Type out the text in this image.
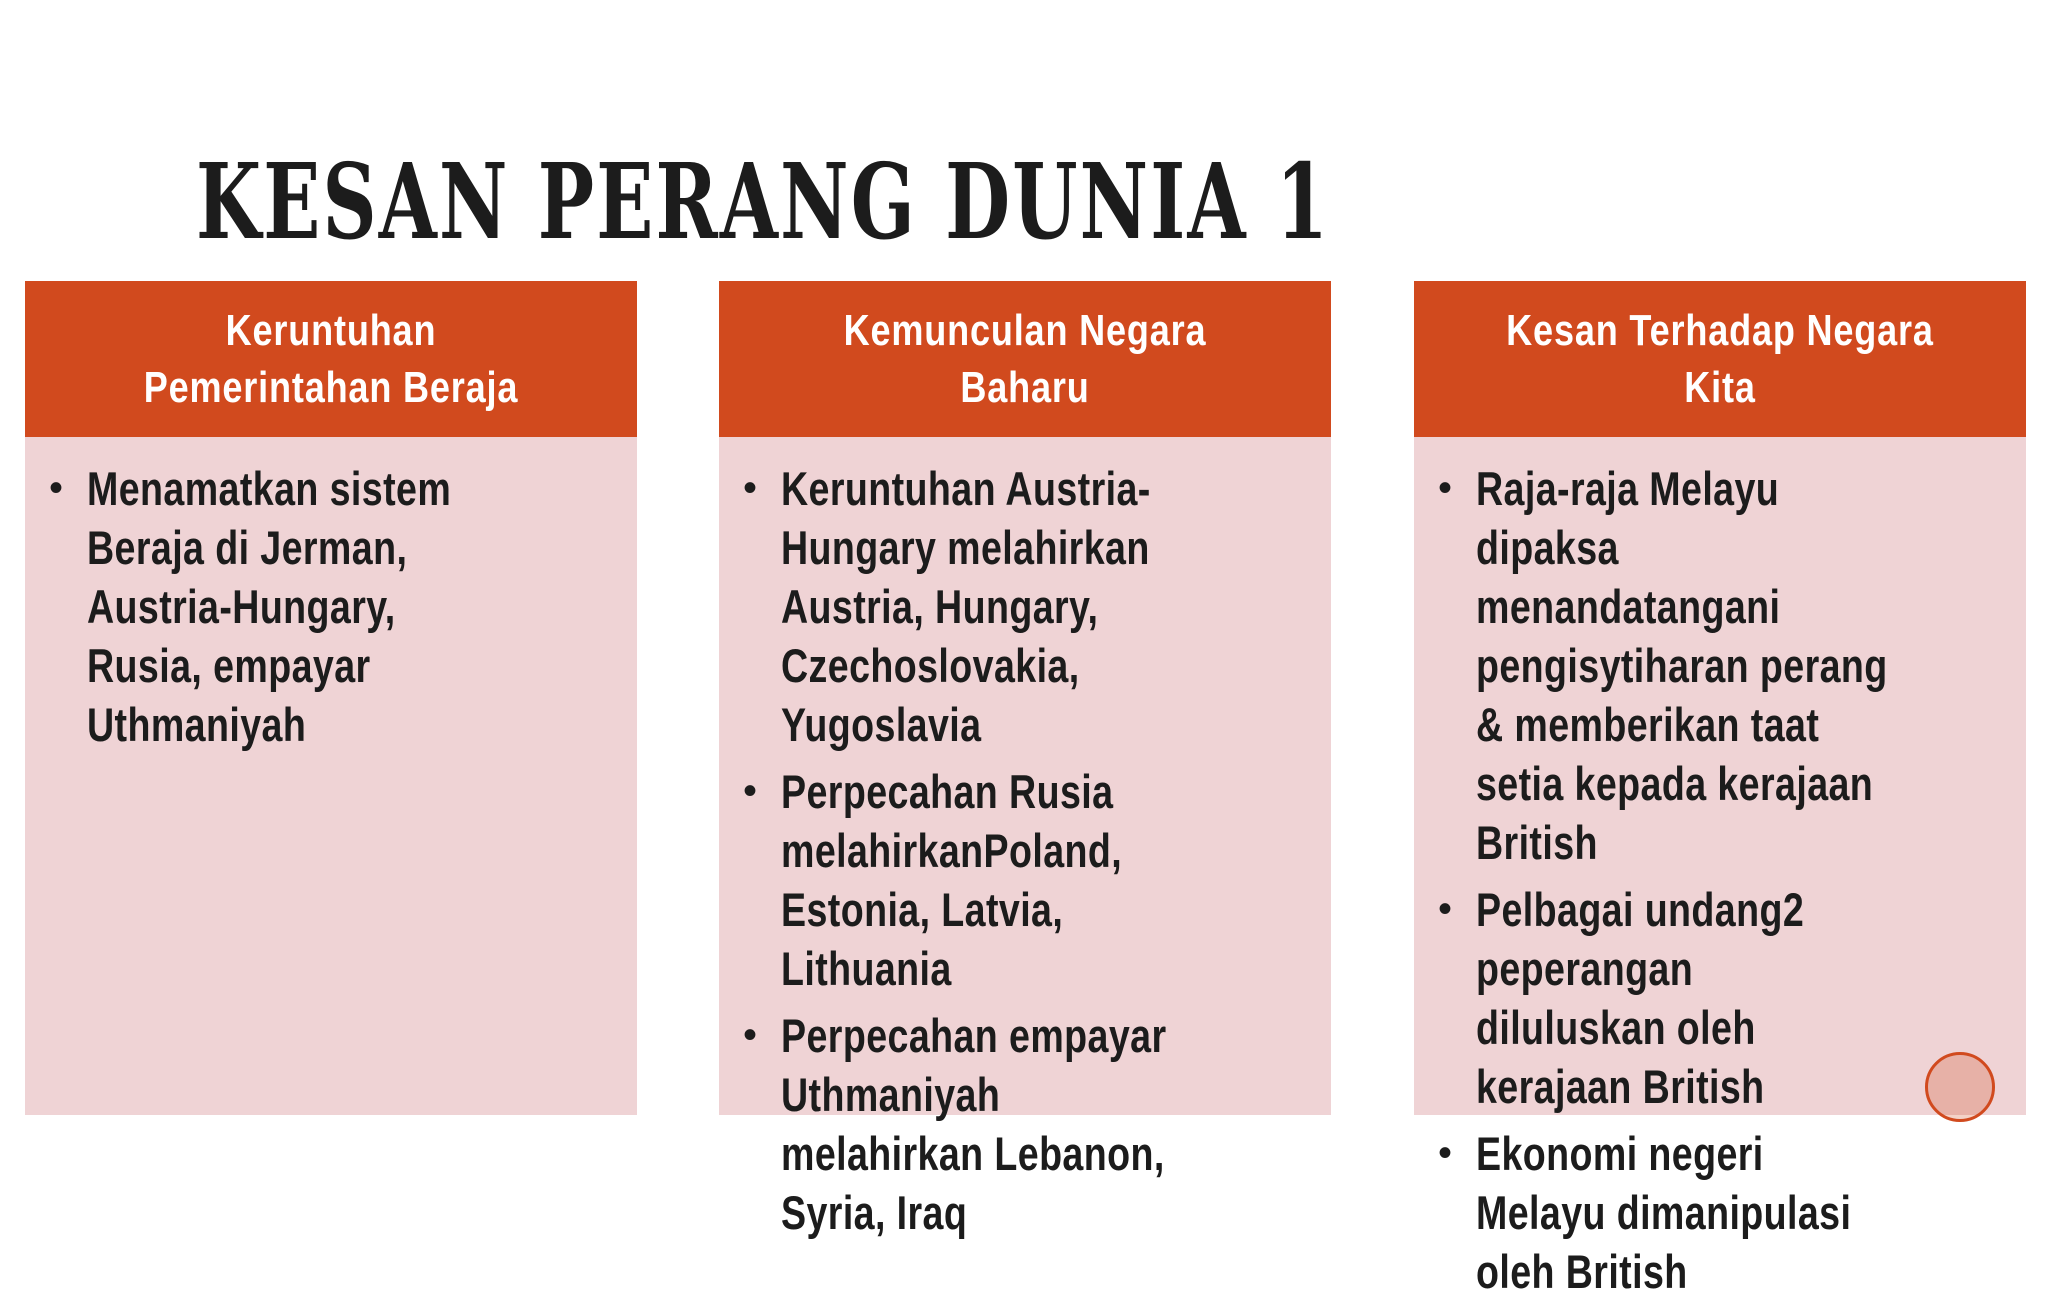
KESAN PERANG DUNIA 1
Keruntuhan Pemerintahan Beraja
• Menamatkan sistem Beraja di Jerman, Austria-Hungary, Rusia, empayar Uthmaniyah
Kemunculan Negara Baharu
• Keruntuhan Austria-Hungary melahirkan Austria, Hungary, Czechoslovakia, Yugoslavia
• Perpecahan Rusia melahirkanPoland, Estonia, Latvia, Lithuania
• Perpecahan empayar Uthmaniyah melahirkan Lebanon, Syria, Iraq
Kesan Terhadap Negara Kita
• Raja-raja Melayu dipaksa menandatangani pengisytiharan perang & memberikan taat setia kepada kerajaan British
• Pelbagai undang2 peperangan diluluskan oleh kerajaan British
• Ekonomi negeri Melayu dimanipulasi oleh British
